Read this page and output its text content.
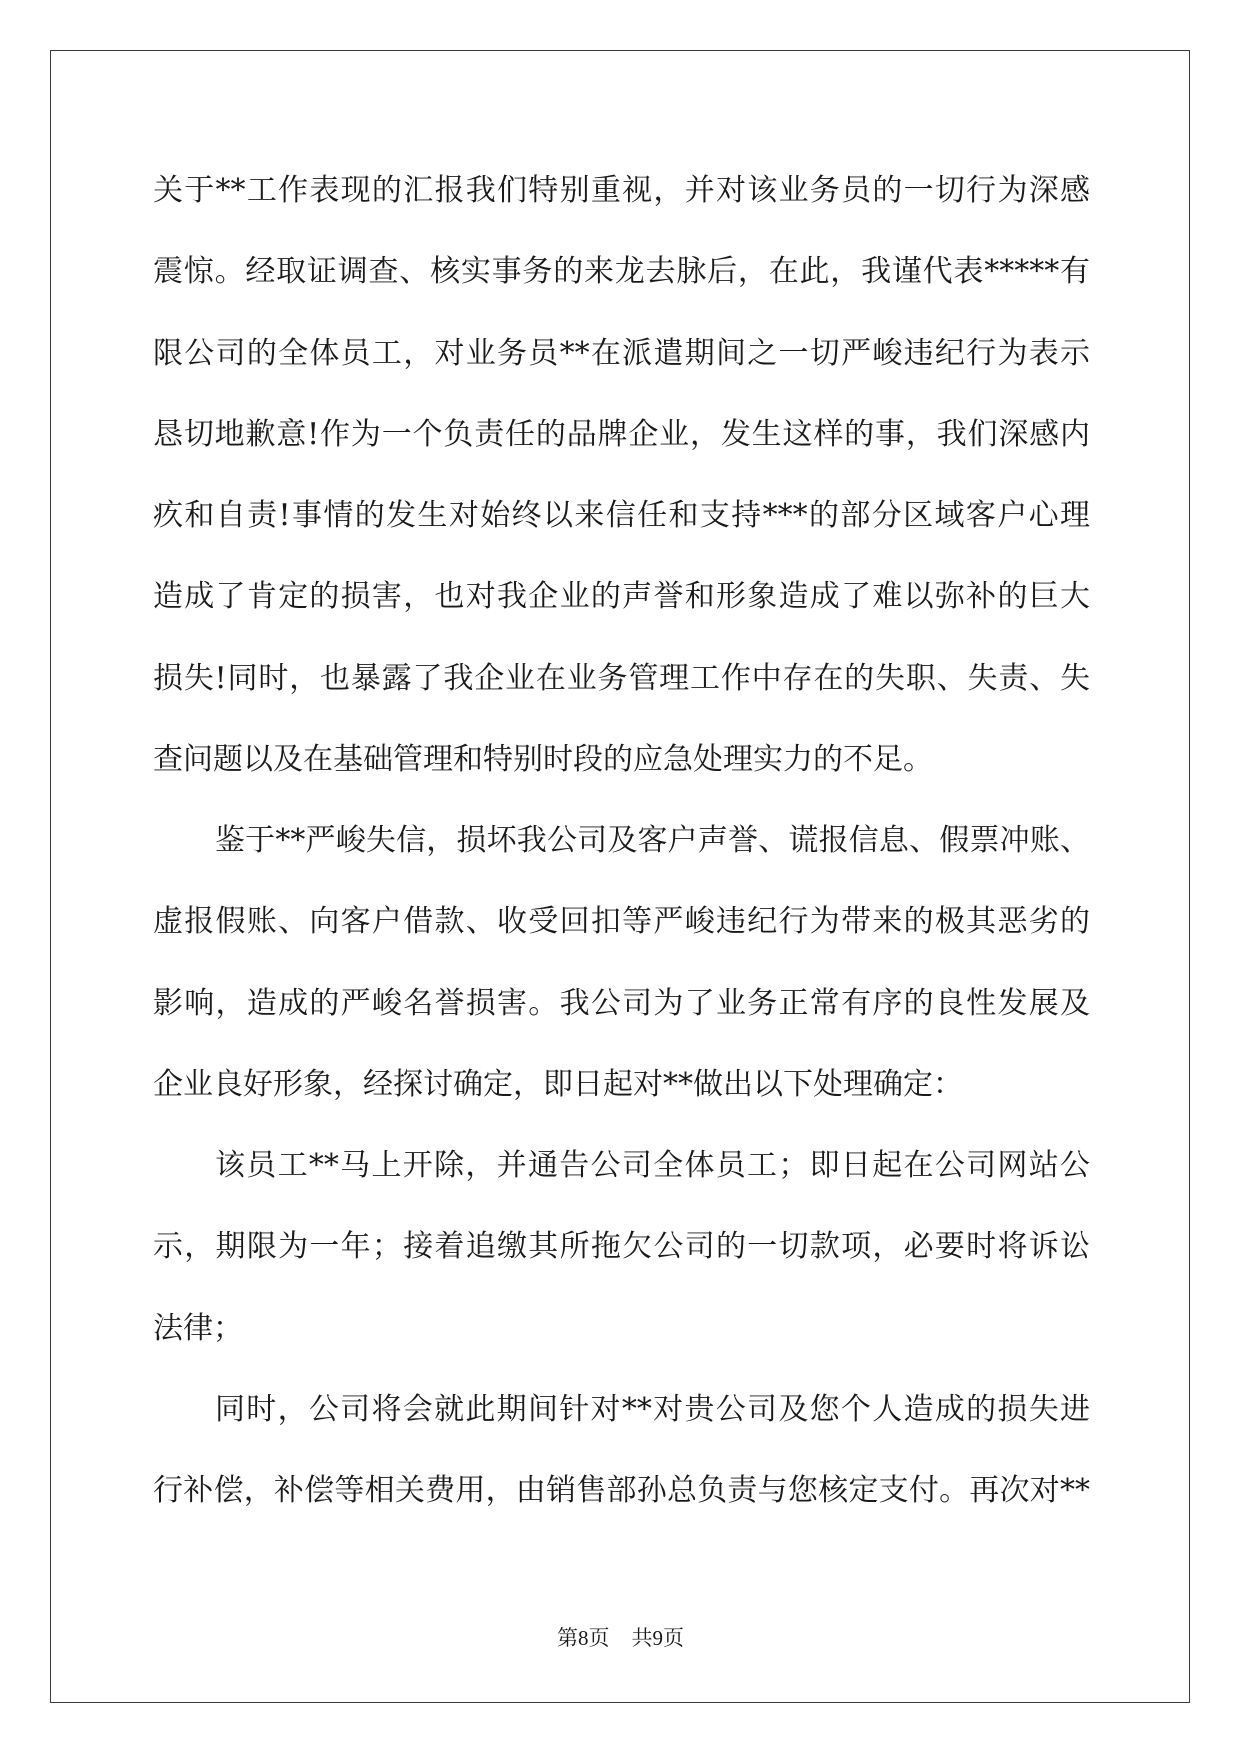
关于**工作表现的汇报我们特别重视，并对该业务员的一切行为深感
震惊。经取证调查、核实事务的来龙去脉后，在此，我谨代表*****有
限公司的全体员工，对业务员**在派遣期间之一切严峻违纪行为表示
恳切地歉意!作为一个负责任的品牌企业，发生这样的事，我们深感内
疚和自责!事情的发生对始终以来信任和支持***的部分区域客户心理
造成了肯定的损害，也对我企业的声誉和形象造成了难以弥补的巨大
损失!同时，也暴露了我企业在业务管理工作中存在的失职、失责、失
查问题以及在基础管理和特别时段的应急处理实力的不足。
鉴于**严峻失信，损坏我公司及客户声誉、谎报信息、假票冲账、
虚报假账、向客户借款、收受回扣等严峻违纪行为带来的极其恶劣的
影响，造成的严峻名誉损害。我公司为了业务正常有序的良性发展及
企业良好形象，经探讨确定，即日起对**做出以下处理确定：
该员工**马上开除，并通告公司全体员工；即日起在公司网站公
示，期限为一年；接着追缴其所拖欠公司的一切款项，必要时将诉讼
法律；
同时，公司将会就此期间针对**对贵公司及您个人造成的损失进
行补偿，补偿等相关费用，由销售部孙总负责与您核定支付。再次对**
第8页 共9页
